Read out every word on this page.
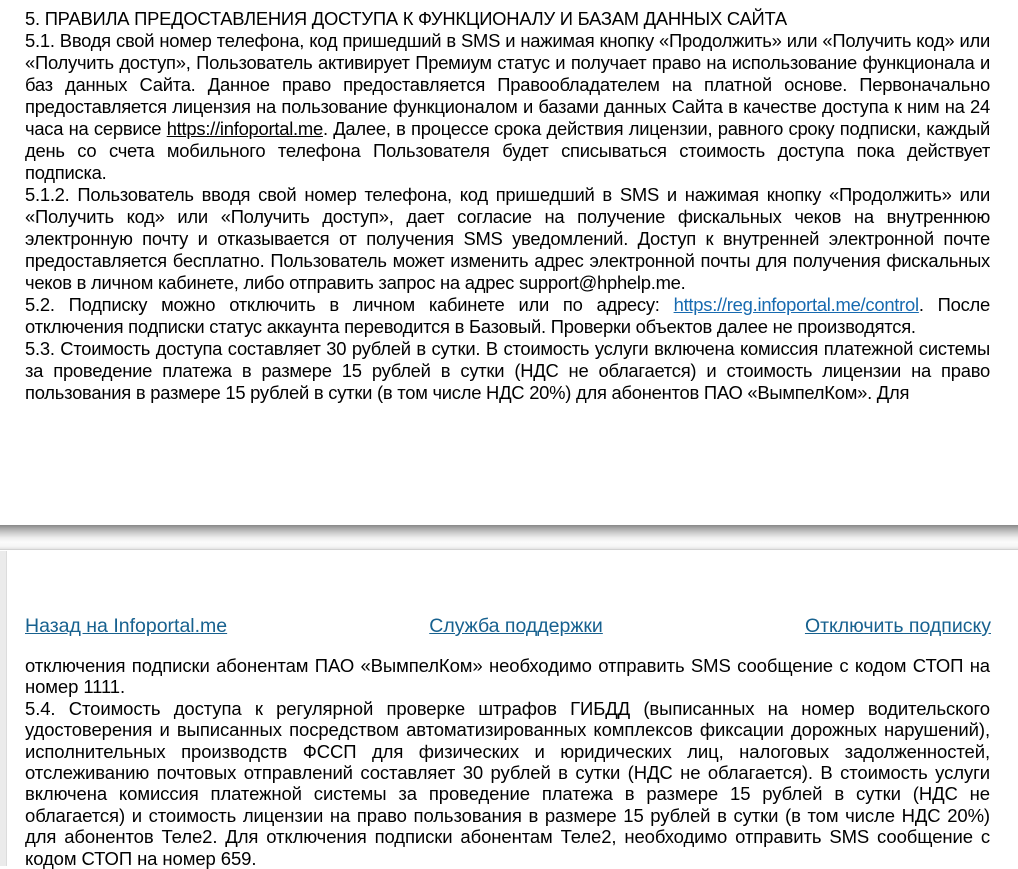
5. ПРАВИЛА ПРЕДОСТАВЛЕНИЯ ДОСТУПА К ФУНКЦИОНАЛУ И БАЗАМ ДАННЫХ САЙТА

5.1. Вводя свой номер телефона, код пришедший в SMS и нажимая кнопку «Продолжить» или «Получить код» или «Получить доступ», Пользователь активирует Премиум статус и получает право на использование функционала и баз данных Сайта. Данное право предоставляется Правообладателем на платной основе. Первоначально предоставляется лицензия на пользование функционалом и базами данных Сайта в качестве доступа к ним на 24 часа на сервисе https://infoportal.me. Далее, в процессе срока действия лицензии, равного сроку подписки, каждый день со счета мобильного телефона Пользователя будет списываться стоимость доступа пока действует подписка.

5.1.2. Пользователь вводя свой номер телефона, код пришедший в SMS и нажимая кнопку «Продолжить» или «Получить код» или «Получить доступ», дает согласие на получение фискальных чеков на внутреннюю электронную почту и отказывается от получения SMS уведомлений. Доступ к внутренней электронной почте предоставляется бесплатно. Пользователь может изменить адрес электронной почты для получения фискальных чеков в личном кабинете, либо отправить запрос на адрес support@hphelp.me.

5.2. Подписку можно отключить в личном кабинете или по адресу: https://reg.infoportal.me/control. После отключения подписки статус аккаунта переводится в Базовый. Проверки объектов далее не производятся.

5.3. Стоимость доступа составляет 30 рублей в сутки. В стоимость услуги включена комиссия платежной системы за проведение платежа в размере 15 рублей в сутки (НДС не облагается) и стоимость лицензии на право пользования в размере 15 рублей в сутки (в том числе НДС 20%) для абонентов ПАО «ВымпелКом». Для

Назад на Infoportal.me	Служба поддержки	Отключить подписку

отключения подписки абонентам ПАО «ВымпелКом» необходимо отправить SMS сообщение с кодом СТОП на номер 1111.

5.4. Стоимость доступа к регулярной проверке штрафов ГИБДД (выписанных на номер водительского удостоверения и выписанных посредством автоматизированных комплексов фиксации дорожных нарушений), исполнительных производств ФССП для физических и юридических лиц, налоговых задолженностей, отслеживанию почтовых отправлений составляет 30 рублей в сутки (НДС не облагается). В стоимость услуги включена комиссия платежной системы за проведение платежа в размере 15 рублей в сутки (НДС не облагается) и стоимость лицензии на право пользования в размере 15 рублей в сутки (в том числе НДС 20%) для абонентов Теле2. Для отключения подписки абонентам Теле2, необходимо отправить SMS сообщение с кодом СТОП на номер 659.
